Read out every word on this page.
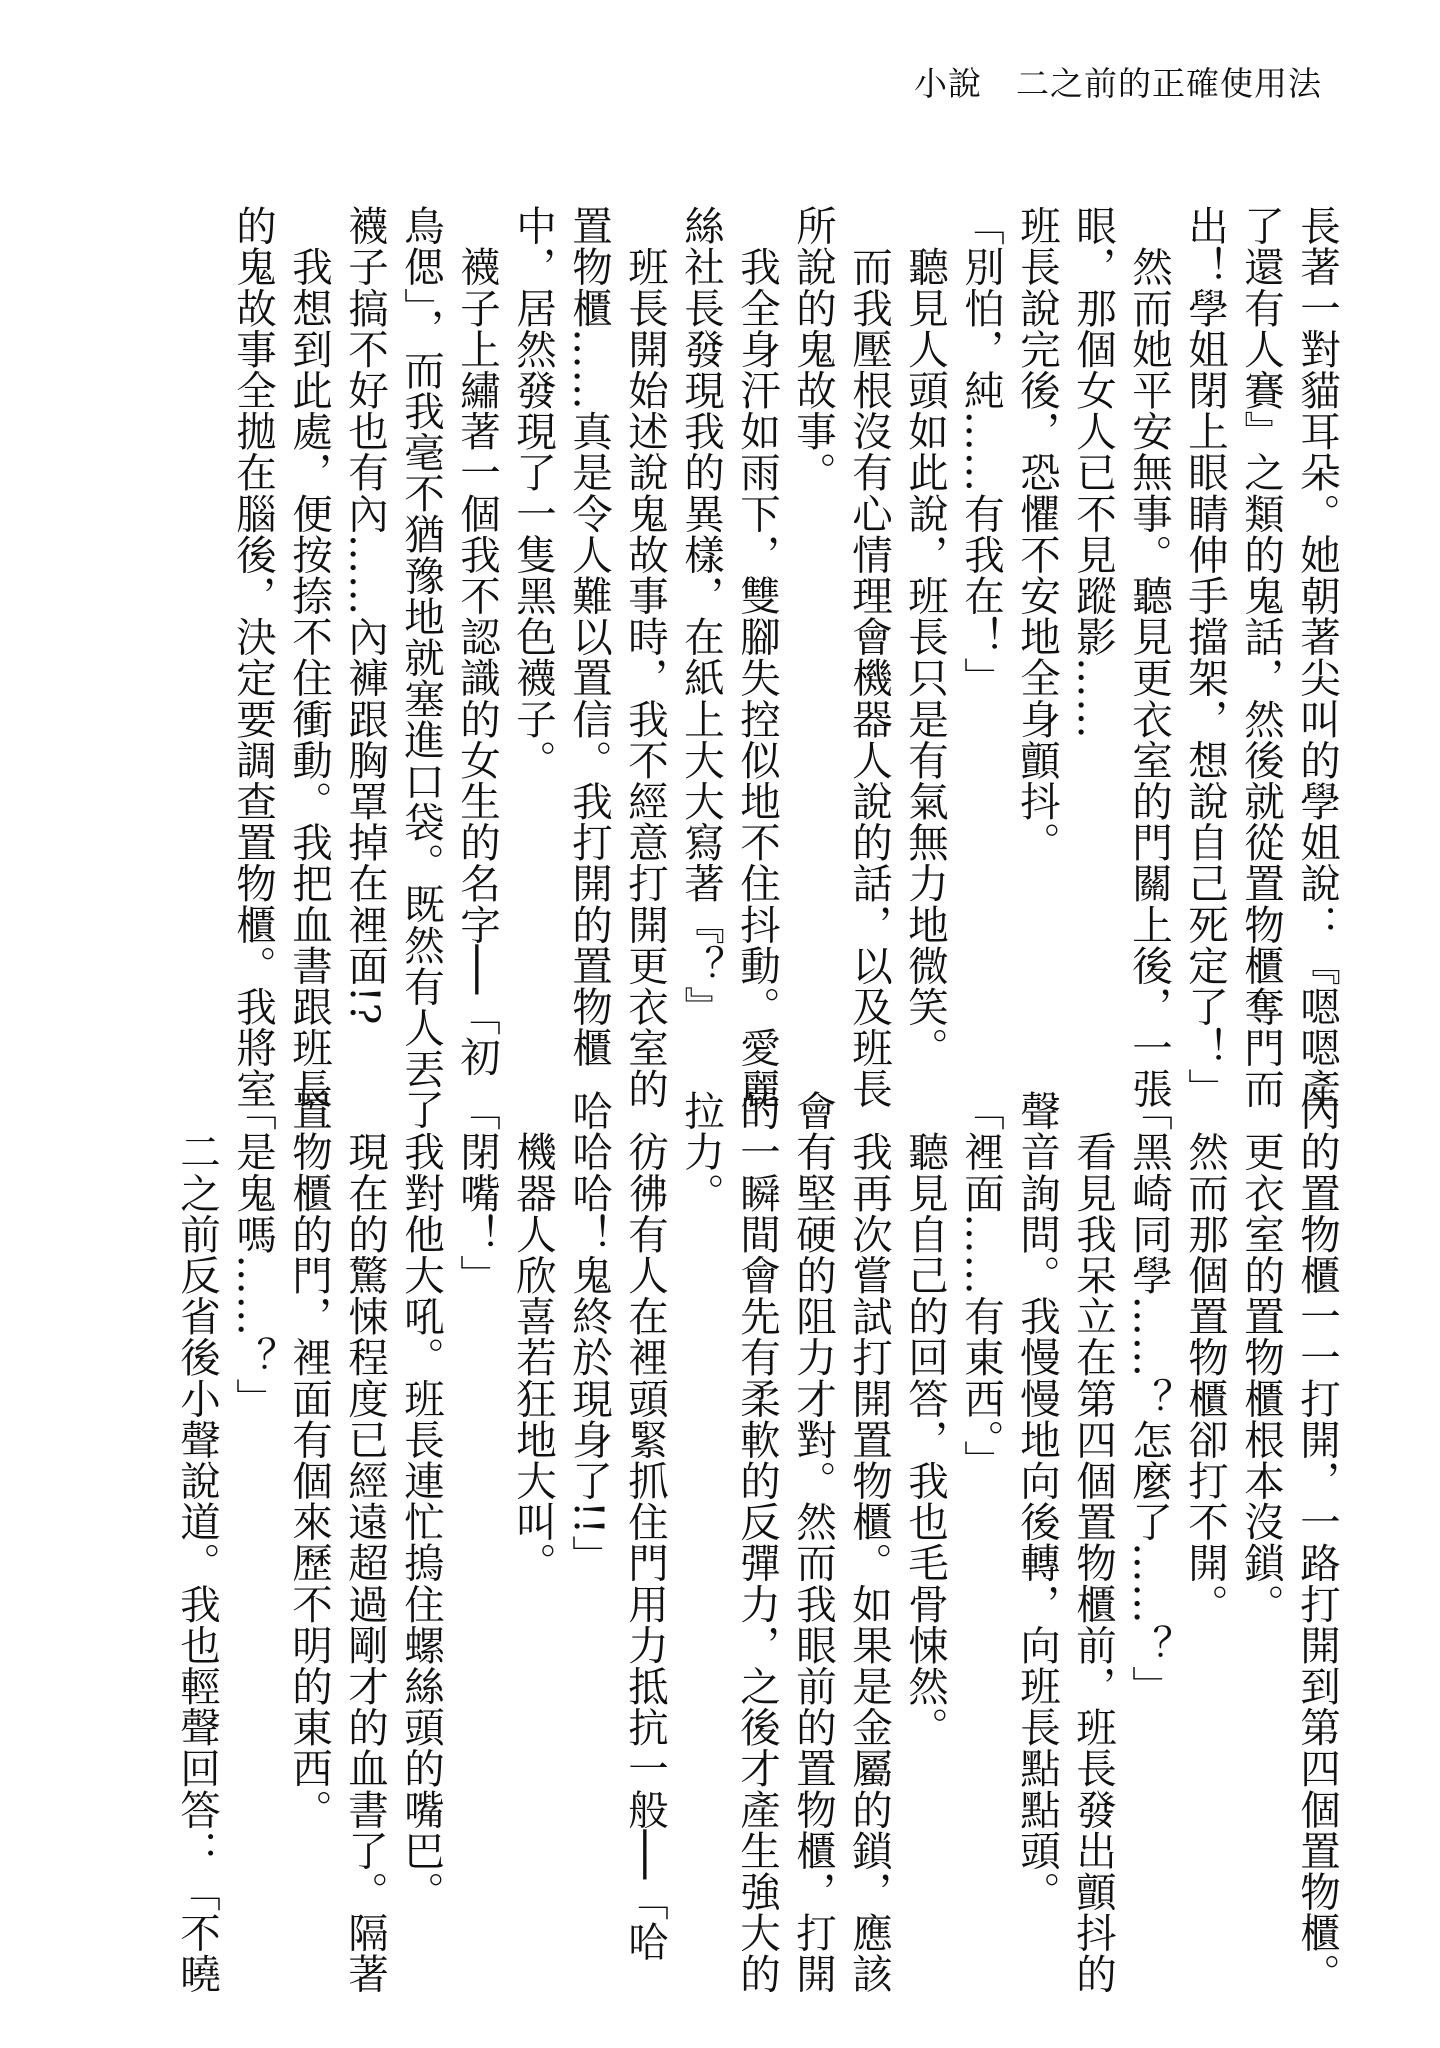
小說　 二之前的正確使用法
長著一對貓耳朵。她朝著尖叫的學姐說：『嗯嗯產
了還有人賽』之類的鬼話，然後就從置物櫃奪門而
出！學姐閉上眼睛伸手擋架，想說自己死定了！」
　然而她平安無事。聽見更衣室的門關上後，一張
眼，那個女人已不見蹤影……
班長說完後，恐懼不安地全身顫抖。
「別怕，純……有我在！」
　聽見人頭如此說，班長只是有氣無力地微笑。
　而我壓根沒有心情理會機器人說的話，以及班長
所說的鬼故事。
　我全身汗如雨下，雙腳失控似地不住抖動。愛麗
絲社長發現我的異樣，在紙上大大寫著『？』
　班長開始述說鬼故事時，我不經意打開更衣室的
置物櫃……真是令人難以置信。我打開的置物櫃
中，居然發現了一隻黑色襪子。
　襪子上繡著一個我不認識的女生的名字──「初
鳥偲」，而我毫不猶豫地就塞進口袋。既然有人丟了
襪子搞不好也有內……內褲跟胸罩掉在裡面!?
　我想到此處，便按捺不住衝動。我把血書跟班長
的鬼故事全拋在腦後，決定要調查置物櫃。我將室
內的置物櫃一一打開，一路打開到第四個置物櫃。
　更衣室的置物櫃根本沒鎖。
　然而那個置物櫃卻打不開。
「黑崎同學……？怎麼了……？」
　看見我呆立在第四個置物櫃前，班長發出顫抖的
聲音詢問。我慢慢地向後轉，向班長點點頭。
「裡面……有東西。」
　聽見自己的回答，我也毛骨悚然。
　我再次嘗試打開置物櫃。如果是金屬的鎖，應該
會有堅硬的阻力才對。然而我眼前的置物櫃，打開
的一瞬間會先有柔軟的反彈力，之後才產生強大的
拉力。
　彷彿有人在裡頭緊抓住門用力抵抗一般──「哈
哈哈哈！鬼終於現身了!!」
　機器人欣喜若狂地大叫。
「閉嘴！」
　我對他大吼。班長連忙摀住螺絲頭的嘴巴。
　現在的驚悚程度已經遠超過剛才的血書了。隔著
置物櫃的門，裡面有個來歷不明的東西。
「是鬼嗎……？」
　二之前反省後小聲說道。我也輕聲回答：「不曉
